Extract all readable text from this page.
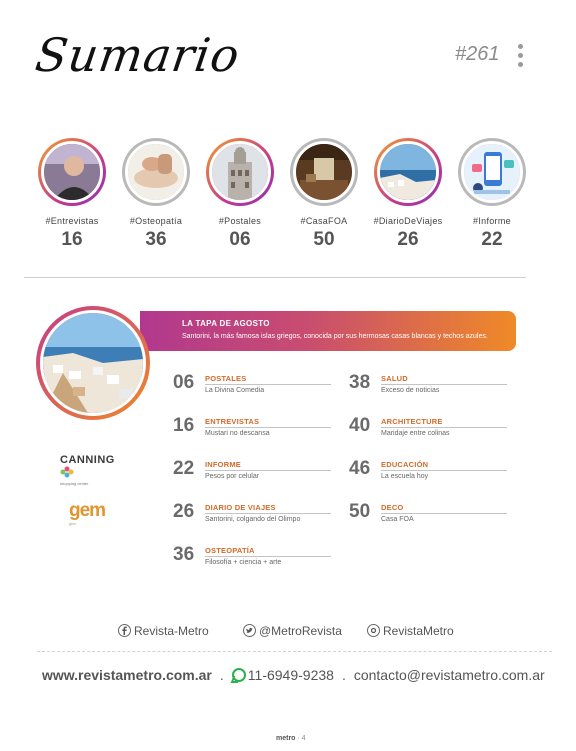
Sumario	#261
#Entrevistas
16
#Osteopatía
36
#Postales
06
#CasaFOA
50
#DiarioDeViajes
26
#Informe
22
LA TAPA DE AGOSTO
Santorini, la más famosa islas griegos, conocida por sus hermosas casas blancas y techos azules.
06 POSTALES
La Divina Comedia
16 ENTREVISTAS
Mustari no descansa
22 INFORME
Pesos por celular
26 DIARIO DE VIAJES
Santorini, colgando del Olimpo
36 OSTEOPATÍA
Filosofía + ciencia + arte
38 SALUD
Exceso de noticias
40 ARCHITECTURE
Maridaje entre colinas
46 EDUCACIÓN
La escuela hoy
50 DECO
Casa FOA
CANNING
shopping center
gem
gem
Revista-Metro	@MetroRevista	RevistaMetro
www.revistametro.com.ar . 11-6949-9238 . contacto@revistametro.com.ar
metro · 4
